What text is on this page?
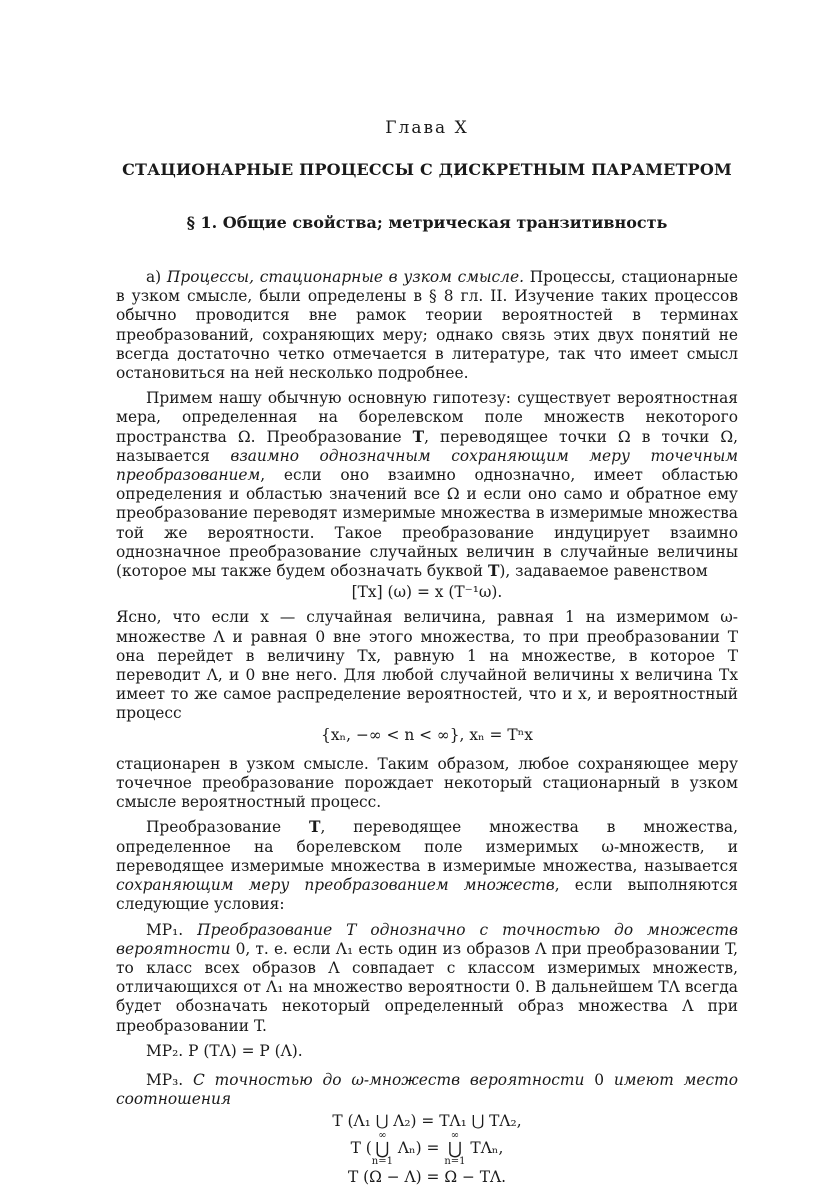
Глава X
СТАЦИОНАРНЫЕ ПРОЦЕССЫ С ДИСКРЕТНЫМ ПАРАМЕТРОМ
§ 1. Общие свойства; метрическая транзитивность

а) Процессы, стационарные в узком смысле. Процессы, стационарные в узком смысле, были определены в § 8 гл. II. Изучение таких процессов обычно проводится вне рамок теории вероятностей в терминах преобразований, сохраняющих меру; однако связь этих двух понятий не всегда достаточно четко отмечается в литературе, так что имеет смысл остановиться на ней несколько подробнее.

Примем нашу обычную основную гипотезу: существует вероятностная мера, определенная на борелевском поле множеств некоторого пространства Ω. Преобразование T, переводящее точки Ω в точки Ω, называется взаимно однозначным сохраняющим меру точечным преобразованием, если оно взаимно однозначно, имеет областью определения и областью значений все Ω и если оно само и обратное ему преобразование переводят измеримые множества в измеримые множества той же вероятности. Такое преобразование индуцирует взаимно однозначное преобразование случайных величин в случайные величины (которое мы также будем обозначать буквой T), задаваемое равенством

[Tx] (ω) = x (T⁻¹ω).

Ясно, что если x — случайная величина, равная 1 на измеримом ω-множестве Λ и равная 0 вне этого множества, то при преобразовании T она перейдет в величину Tx, равную 1 на множестве, в которое T переводит Λ, и 0 вне него. Для любой случайной величины x величина Tx имеет то же самое распределение вероятностей, что и x, и вероятностный процесс

{xₙ, −∞ < n < ∞}, xₙ = Tⁿx

стационарен в узком смысле. Таким образом, любое сохраняющее меру точечное преобразование порождает некоторый стационарный в узком смысле вероятностный процесс.

Преобразование T, переводящее множества в множества, определенное на борелевском поле измеримых ω-множеств, и переводящее измеримые множества в измеримые множества, называется сохраняющим меру преобразованием множеств, если выполняются следующие условия:

MP₁. Преобразование T однозначно с точностью до множеств вероятности 0, т. е. если Λ₁ есть один из образов Λ при преобразовании T, то класс всех образов Λ совпадает с классом измеримых множеств, отличающихся от Λ₁ на множество вероятности 0. В дальнейшем TΛ всегда будет обозначать некоторый определенный образ множества Λ при преобразовании T.

MP₂. P (TΛ) = P (Λ).

MP₃. С точностью до ω-множеств вероятности 0 имеют место соотношения

T (Λ₁ ⋃ Λ₂) = TΛ₁ ⋃ TΛ₂,
T (
∞
⋃
n=1
Λₙ) =
∞
⋃
n=1
TΛₙ,
T (Ω − Λ) = Ω − TΛ.
